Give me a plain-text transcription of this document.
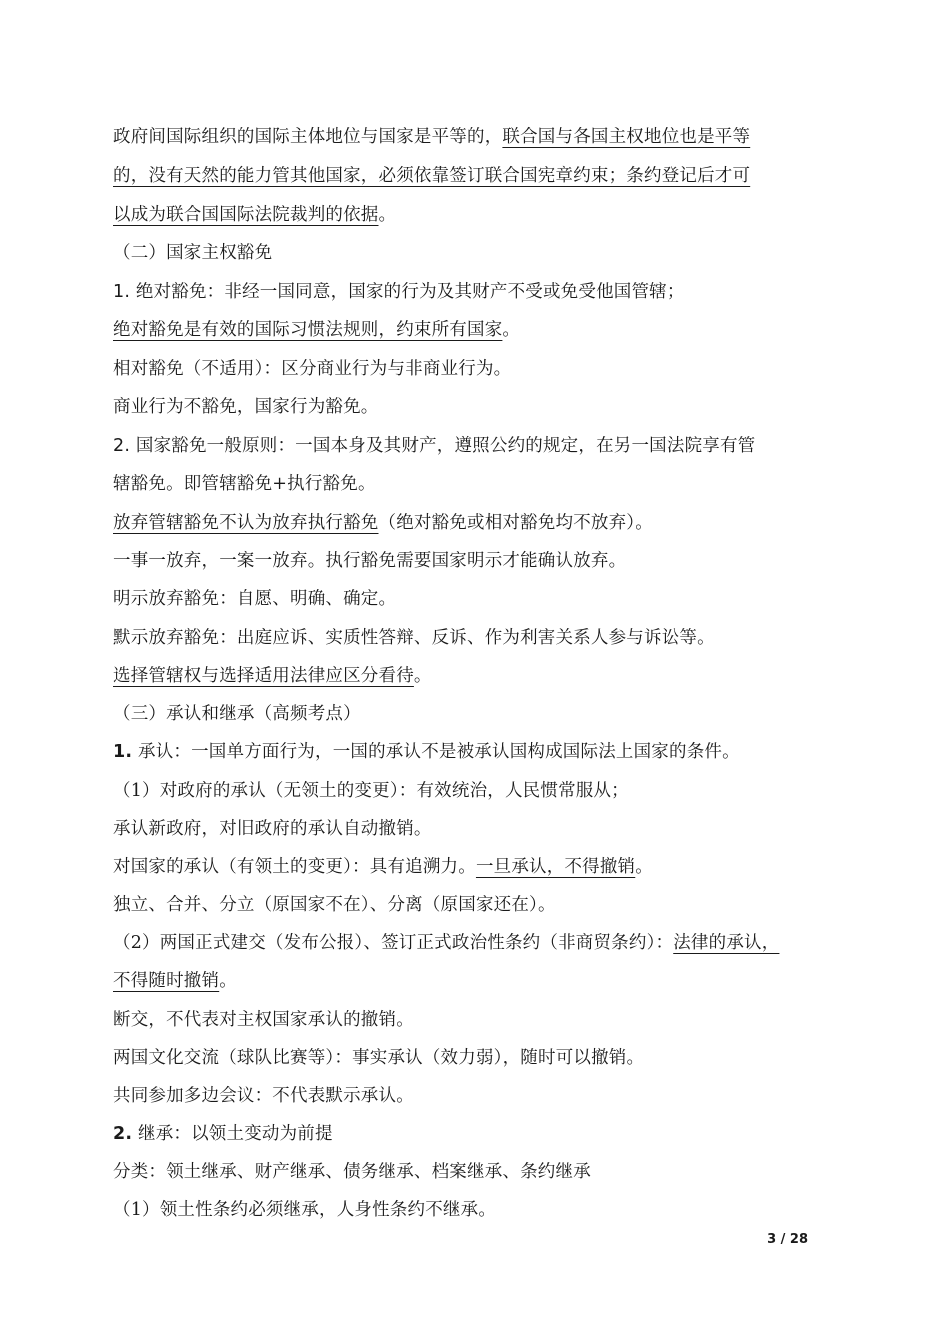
政府间国际组织的国际主体地位与国家是平等的，联合国与各国主权地位也是平等
的，没有天然的能力管其他国家，必须依靠签订联合国宪章约束；条约登记后才可
以成为联合国国际法院裁判的依据。
（二）国家主权豁免
1. 绝对豁免：非经一国同意，国家的行为及其财产不受或免受他国管辖；
绝对豁免是有效的国际习惯法规则，约束所有国家。
相对豁免（不适用）：区分商业行为与非商业行为。
商业行为不豁免，国家行为豁免。
2. 国家豁免一般原则：一国本身及其财产，遵照公约的规定，在另一国法院享有管
辖豁免。即管辖豁免+执行豁免。
放弃管辖豁免不认为放弃执行豁免（绝对豁免或相对豁免均不放弃）。
一事一放弃，一案一放弃。执行豁免需要国家明示才能确认放弃。
明示放弃豁免：自愿、明确、确定。
默示放弃豁免：出庭应诉、实质性答辩、反诉、作为利害关系人参与诉讼等。
选择管辖权与选择适用法律应区分看待。
（三）承认和继承（高频考点）
1. 承认：一国单方面行为，一国的承认不是被承认国构成国际法上国家的条件。
（1）对政府的承认（无领土的变更）：有效统治，人民惯常服从；
承认新政府，对旧政府的承认自动撤销。
对国家的承认（有领土的变更）：具有追溯力。一旦承认，不得撤销。
独立、合并、分立（原国家不在）、分离（原国家还在）。
（2）两国正式建交（发布公报）、签订正式政治性条约（非商贸条约）：法律的承认，
不得随时撤销。
断交，不代表对主权国家承认的撤销。
两国文化交流（球队比赛等）：事实承认（效力弱），随时可以撤销。
共同参加多边会议：不代表默示承认。
2. 继承：以领土变动为前提
分类：领土继承、财产继承、债务继承、档案继承、条约继承
（1）领土性条约必须继承，人身性条约不继承。
3 / 28
